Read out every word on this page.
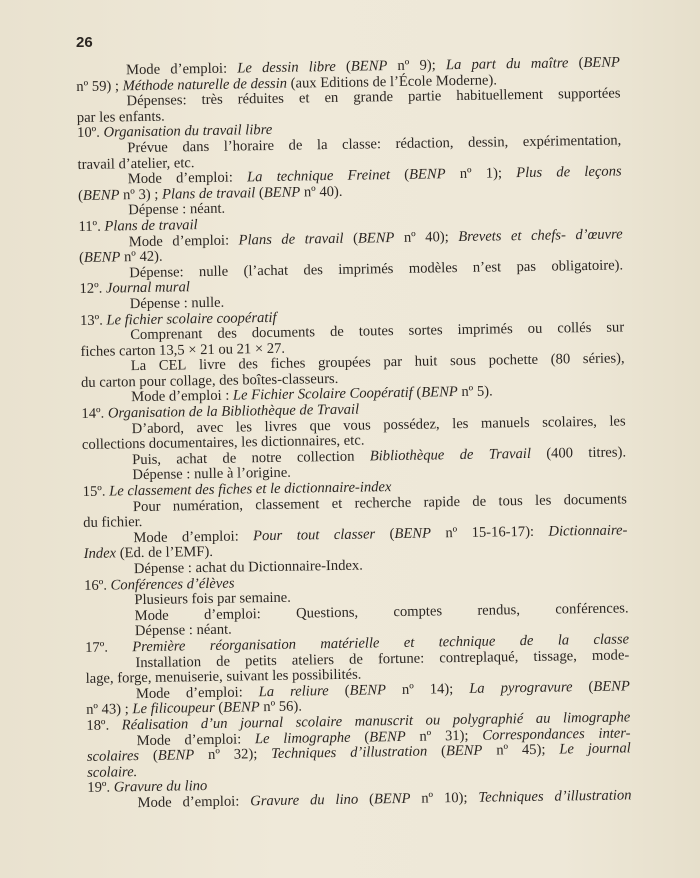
26
Mode d’emploi: Le dessin libre (BENP nº 9); La part du maître (BENP
nº 59) ; Méthode naturelle de dessin (aux Editions de l’École Moderne).
Dépenses: très réduites et en grande partie habituellement supportées
par les enfants.
10º. Organisation du travail libre
Prévue dans l’horaire de la classe: rédaction, dessin, expérimentation,
travail d’atelier, etc.
Mode d’emploi: La technique Freinet (BENP nº 1); Plus de leçons
( BENP nº 3) ; Plans de travail ( BENP nº 40).
Dépense : néant.
11º. Plans de travail
Mode d’emploi: Plans de travail (BENP nº 40); Brevets et chefs- d’œuvre
( BENP nº 42).
Dépense: nulle (l’achat des imprimés modèles n’est pas obligatoire).
12º. Journal mural
Dépense : nulle.
13º. Le fichier scolaire coopératif
Comprenant des documents de toutes sortes imprimés ou collés sur
fiches carton 13,5 × 21 ou 21 × 27.
La CEL livre des fiches groupées par huit sous pochette (80 séries),
du carton pour collage, des boîtes-classeurs.
Mode d’emploi : Le Fichier Scolaire Coopératif ( BENP nº 5).
14º. Organisation de la Bibliothèque de Travail
D’abord, avec les livres que vous possédez, les manuels scolaires, les
collections documentaires, les dictionnaires, etc.
Puis, achat de notre collection Bibliothèque de Travail (400 titres).
Dépense : nulle à l’origine.
15º. Le classement des fiches et le dictionnaire-index
Pour numération, classement et recherche rapide de tous les documents
du fichier.
Mode d’emploi: Pour tout classer (BENP nº 15-16-17): Dictionnaire-
Index (Ed. de l’EMF).
Dépense : achat du Dictionnaire-Index.
16º. Conférences d’élèves
Plusieurs fois par semaine.
Mode d’emploi: Questions, comptes rendus, conférences.
Dépense : néant.
17º. Première réorganisation matérielle et technique de la classe
Installation de petits ateliers de fortune: contreplaqué, tissage, mode-
lage, forge, menuiserie, suivant les possibilités.
Mode d’emploi: La reliure (BENP nº 14); La pyrogravure (BENP
nº 43) ; Le filicoupeur ( BENP nº 56).
18º. Réalisation d’un journal scolaire manuscrit ou polygraphié au limographe
Mode d’emploi: Le limographe (BENP nº 31); Correspondances inter-
scolaires (BENP nº 32); Techniques d’illustration (BENP nº 45); Le journal
scolaire.
19º. Gravure du lino
Mode d’emploi: Gravure du lino (BENP nº 10); Techniques d’illustration
